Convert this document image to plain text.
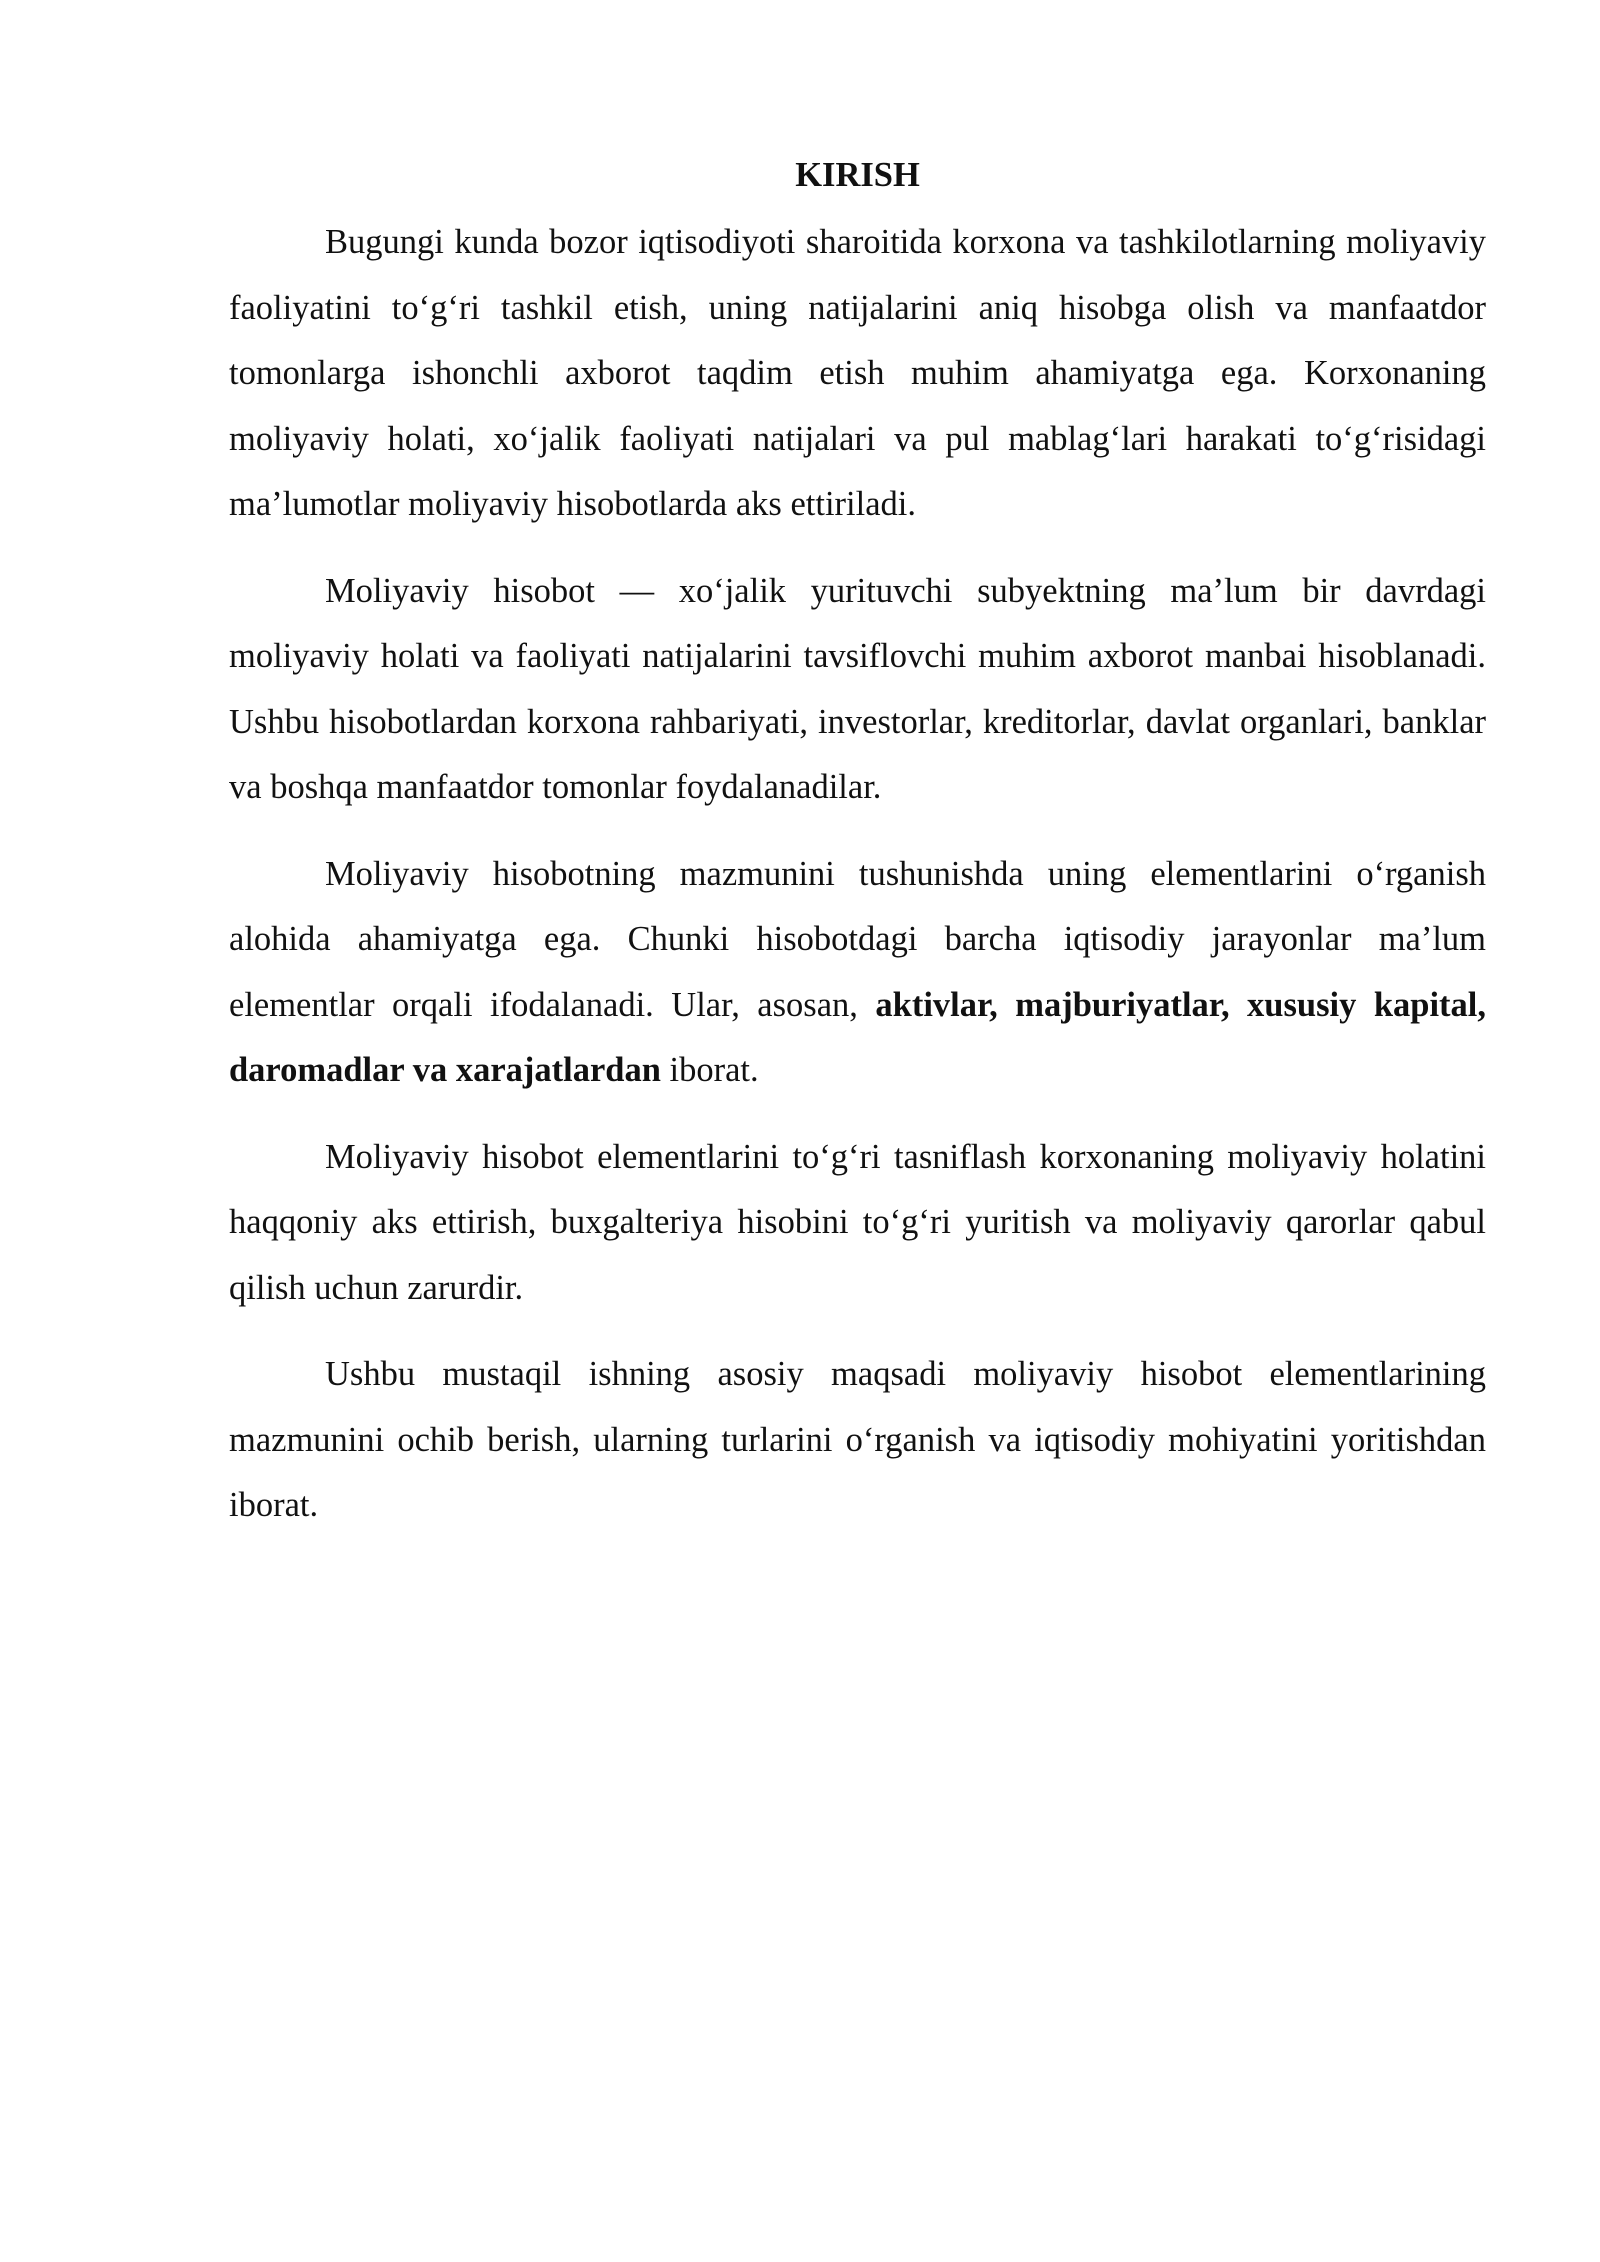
KIRISH

Bugungi kunda bozor iqtisodiyoti sharoitida korxona va tashkilotlarning moliyaviy faoliyatini to‘g‘ri tashkil etish, uning natijalarini aniq hisobga olish va manfaatdor tomonlarga ishonchli axborot taqdim etish muhim ahamiyatga ega. Korxonaning moliyaviy holati, xo‘jalik faoliyati natijalari va pul mablag‘lari harakati to‘g‘risidagi ma’lumotlar moliyaviy hisobotlarda aks ettiriladi.

Moliyaviy hisobot — xo‘jalik yurituvchi subyektning ma’lum bir davrdagi moliyaviy holati va faoliyati natijalarini tavsiflovchi muhim axborot manbai hisoblanadi. Ushbu hisobotlardan korxona rahbariyati, investorlar, kreditorlar, davlat organlari, banklar va boshqa manfaatdor tomonlar foydalanadilar.

Moliyaviy hisobotning mazmunini tushunishda uning elementlarini o‘rganish alohida ahamiyatga ega. Chunki hisobotdagi barcha iqtisodiy jarayonlar ma’lum elementlar orqali ifodalanadi. Ular, asosan, aktivlar, majburiyatlar, xususiy kapital, daromadlar va xarajatlardan iborat.

Moliyaviy hisobot elementlarini to‘g‘ri tasniflash korxonaning moliyaviy holatini haqqoniy aks ettirish, buxgalteriya hisobini to‘g‘ri yuritish va moliyaviy qarorlar qabul qilish uchun zarurdir.

Ushbu mustaqil ishning asosiy maqsadi moliyaviy hisobot elementlarining mazmunini ochib berish, ularning turlarini o‘rganish va iqtisodiy mohiyatini yoritishdan iborat.
